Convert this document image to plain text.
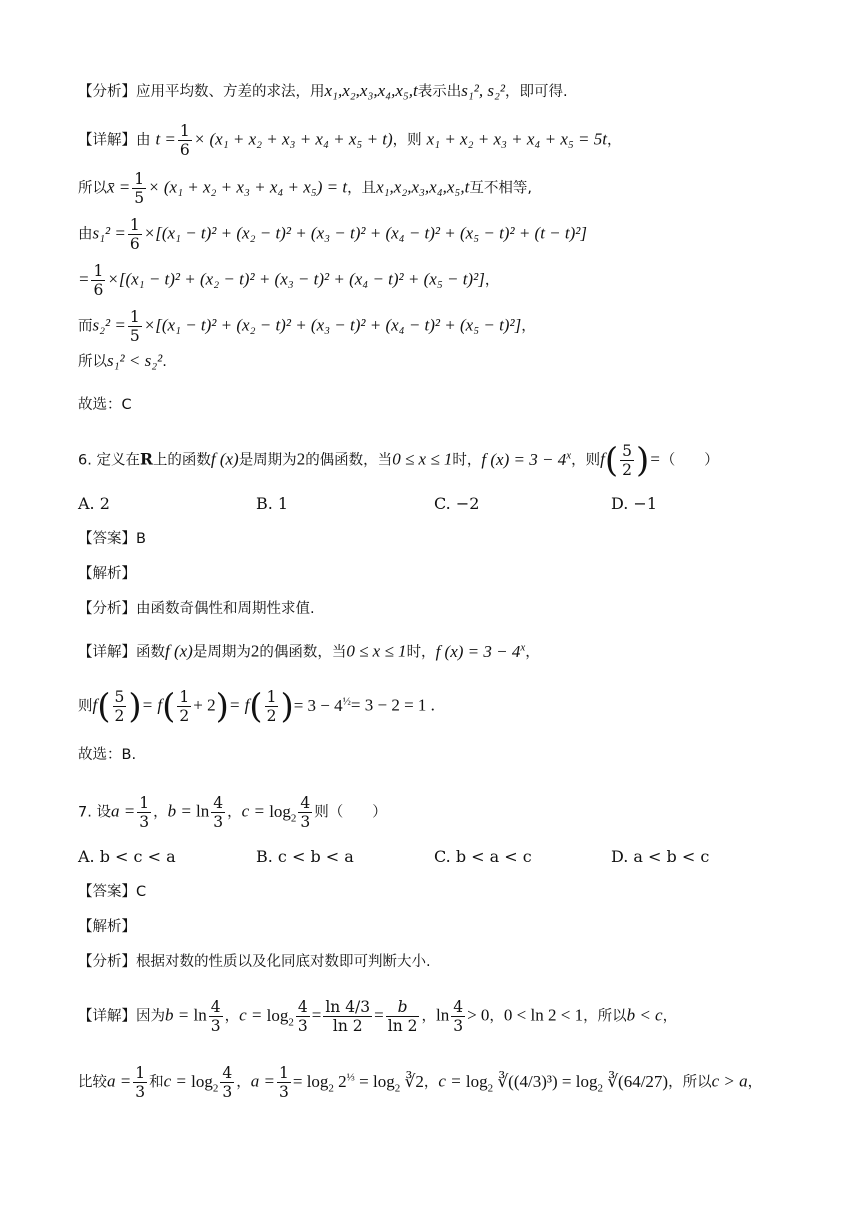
【分析】应用平均数、方差的求法，用x₁,x₂,x₃,x₄,x₅,t表示出s₁², s₂²，即可得.
【详解】由 $t = \frac{1}{6} \times (x_1 + x_2 + x_3 + x_4 + x_5 + t)$，则 x₁ + x₂ + x₃ + x₄ + x₅ = 5t，
所以x̄ = $\frac{1}{5} \times (x_1 + x_2 + x_3 + x_4 + x_5) = t$，且x₁,x₂,x₃,x₄,x₅,t互不相等,
由$s_1^2 = \frac{1}{6} \times[(x_1 - t)^2 + (x_2 - t)^2 + (x_3 - t)^2 + (x_4 - t)^2 + (x_5 - t)^2 + (t - t)^2]$
= $\frac{1}{6} \times[(x_1 - t)^2 + (x_2 - t)^2 + (x_3 - t)^2 + (x_4 - t)^2 + (x_5 - t)^2]$，
而$s_2^2 = \frac{1}{5} \times[(x_1 - t)^2 + (x_2 - t)^2 + (x_3 - t)^2 + (x_4 - t)^2 + (x_5 - t)^2]$，
所以s₁² < s₂².
故选：C
6. 定义在R上的函数f (x)是周期为2的偶函数，当0 ≤ x ≤ 1时，f $(x) = 3 - 4^x$，则$f( \frac{5}{2}$ )=（　　）
A. 2	B. 1	C. −2	D. −1
【答案】B
【解析】
【分析】由函数奇偶性和周期性求值.
【详解】函数f (x)是周期为2的偶函数，当0 ≤ x ≤ 1时，f $(x) = 3 - 4^x$，
则$f( \frac{5}{2}$ )= $f( \frac{1}{2} + 2)= f( \frac{1}{2}$ )= $3 - 4^{\frac{1}{2}}= 3 - 2 = 1$ .
故选：B.
7. 设$a = \frac{1}{3}$ ，$b = \ln \frac{4}{3}$ ，$c = \log_2 \frac{4}{3}$ 则（　　）
A. b < c < a	B. c < b < a	C. b < a < c	D. a < b < c
【答案】C
【解析】
【分析】根据对数的性质以及化同底对数即可判断大小.
【详解】因为$b = \ln \frac{4}{3}$ ，$c = \log_2 \frac{4}{3} = \frac{\ln 4/3}{\ln 2} = \frac{b}{\ln 2}$ ，$\ln \frac{4}{3} > 0$，0 < ln 2 < 1，所以b < c，
比较$a = \frac{1}{3}$ 和$c = \log_2 \frac{4}{3}$ ，$a = \frac{1}{3} = \log_2 2^{\frac{1}{3}} = \log_2$ ∛2，$c = \log_2$ ∛((4/3)³) = $\log_2$ ∛(64/27)，所以c > a，
